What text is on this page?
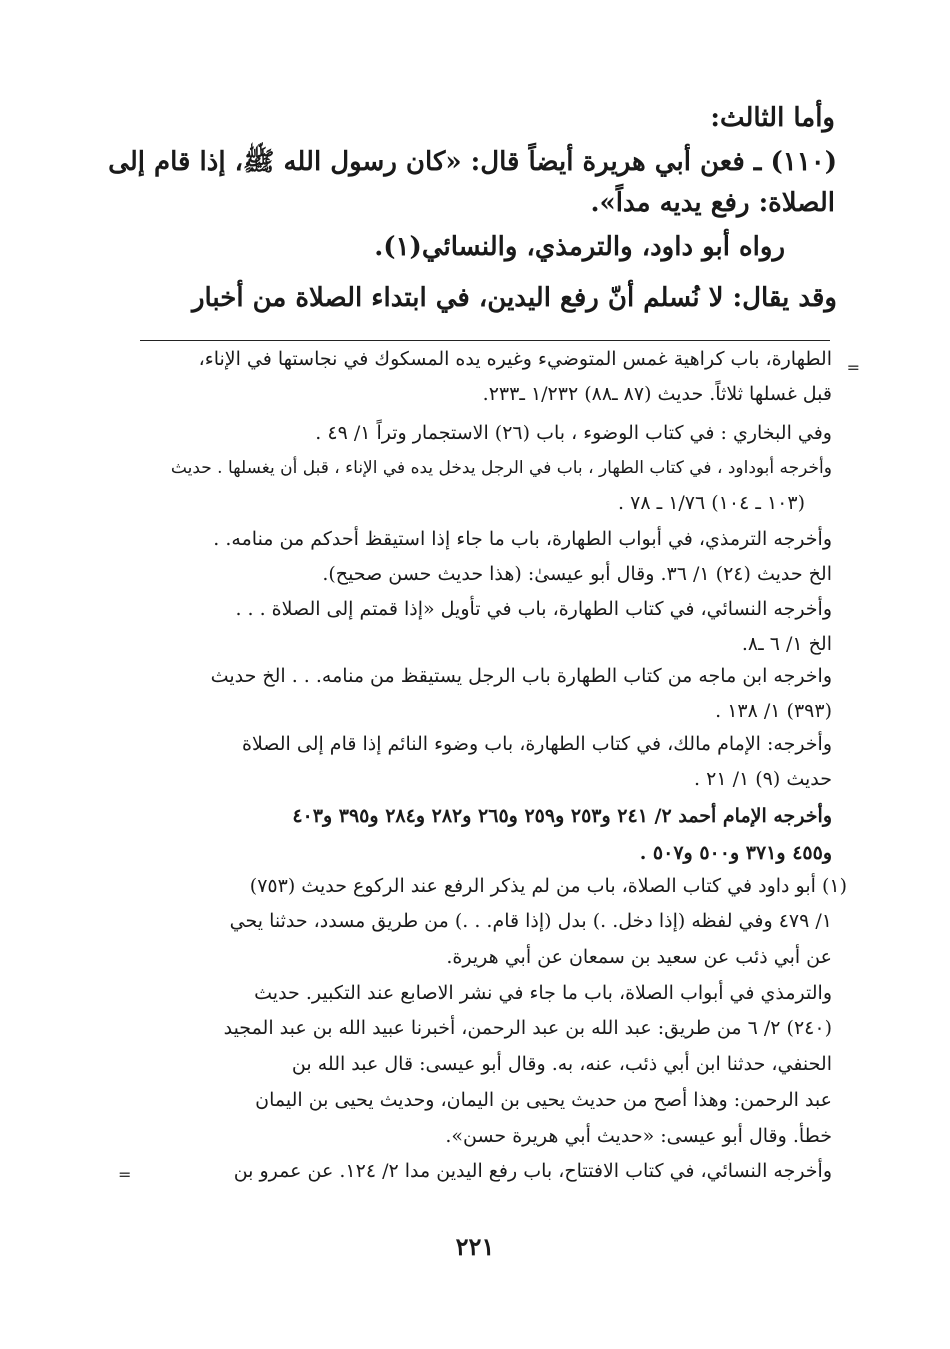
وأما الثالث:
(١١٠) ـ فعن أبي هريرة أيضاً قال: «كان رسول الله ﷺ، إذا قام إلى
الصلاة: رفع يديه مداً».
رواه أبو داود، والترمذي، والنسائي(١).
وقد يقال: لا نُسلم أنّ رفع اليدين، في ابتداء الصلاة من أخبار
=
=
الطهارة، باب كراهية غمس المتوضيء وغيره يده المسكوك في نجاستها في الإناء،
قبل غسلها ثلاثاً. حديث (٨٧ ـ٨٨) ١/٢٣٢ ـ٢٣٣.
وفي البخاري : في كتاب الوضوء ، باب (٢٦) الاستجمار وتراً ١/ ٤٩ .
وأخرجه أبوداود ، في كتاب الطهار ، باب في الرجل يدخل يده في الإناء ، قبل أن يغسلها . حديث
(١٠٣ ـ ١٠٤) ١/٧٦ ـ ٧٨ .
وأخرجه الترمذي، في أبواب الطهارة، باب ما جاء إذا استيقظ أحدكم من منامه. .
الخ حديث (٢٤) ١/ ٣٦. وقال أبو عيسىٰ: (هذا حديث حسن صحيح).
وأخرجه النسائي، في كتاب الطهارة، باب في تأويل «إذا قمتم إلى الصلاة . . .
الخ ١/ ٦ ـ٨.
واخرجه ابن ماجه من كتاب الطهارة باب الرجل يستيقظ من منامه. . . الخ حديث
(٣٩٣) ١/ ١٣٨ .
وأخرجه: الإمام مالك، في كتاب الطهارة، باب وضوء النائم إذا قام إلى الصلاة
حديث (٩) ١/ ٢١ .
وأخرجه الإمام أحمد ٢/ ٢٤١ و٢٥٣ و٢٥٩ و٢٦٥ و٢٨٢ و٢٨٤ و٣٩٥ و٤٠٣
و٤٥٥ و٣٧١ و٥٠٠ و٥٠٧ .
(١) أبو داود في كتاب الصلاة، باب من لم يذكر الرفع عند الركوع حديث (٧٥٣)
١/ ٤٧٩ وفي لفظه (إذا دخل. .) بدل (إذا قام. . .) من طريق مسدد، حدثنا يحي
عن أبي ذئب عن سعيد بن سمعان عن أبي هريرة.
والترمذي في أبواب الصلاة، باب ما جاء في نشر الاصابع عند التكبير. حديث
(٢٤٠) ٢/ ٦ من طريق: عبد الله بن عبد الرحمن، أخبرنا عبيد الله بن عبد المجيد
الحنفي، حدثنا ابن أبي ذئب، عنه، به. وقال أبو عيسى: قال عبد الله بن
عبد الرحمن: وهذا أصح من حديث يحيى بن اليمان، وحديث يحيى بن اليمان
خطأ. وقال أبو عيسى: «حديث أبي هريرة حسن».
وأخرجه النسائي، في كتاب الافتتاح، باب رفع اليدين مدا ٢/ ١٢٤. عن عمرو بن
٢٢١
